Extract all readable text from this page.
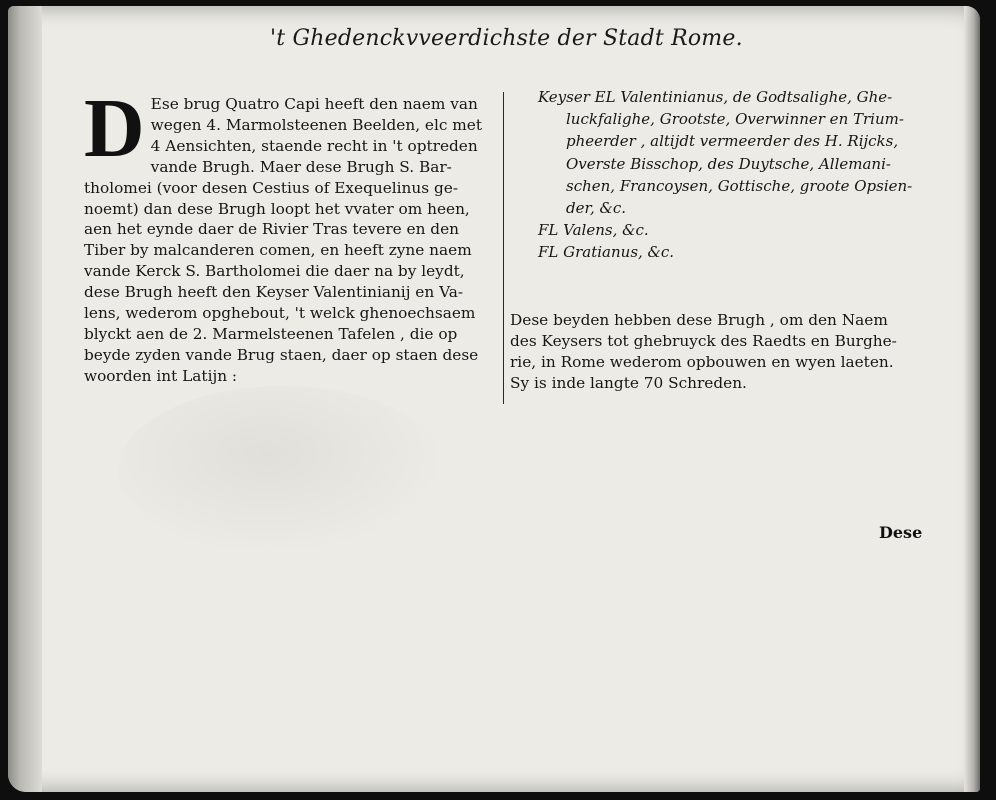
't Ghedenckvveerdichste der Stadt Rome.
D Ese brug Quatro Capi heeft den naem van
wegen 4. Marmolsteenen Beelden, elc met
4 Aensichten, staende recht in 't optreden
vande Brugh. Maer dese Brugh S. Bar-
tholomei (voor desen Cestius of Exequelinus ge-
noemt) dan dese Brugh loopt het vvater om heen,
aen het eynde daer de Rivier Tras tevere en den
Tiber by malcanderen comen, en heeft zyne naem
vande Kerck S. Bartholomei die daer na by leydt,
dese Brugh heeft den Keyser Valentinianij en Va-
lens, wederom opghebout, 't welck ghenoechsaem
blyckt aen de 2. Marmelsteenen Tafelen , die op
beyde zyden vande Brug staen, daer op staen dese
woorden int Latijn :
Keyser EL Valentinianus, de Godtsalighe, Ghe-
luckfalighe, Grootste, Overwinner en Trium-
pheerder , altijdt vermeerder des H. Rijcks,
Overste Bisschop, des Duytsche, Allemani-
schen, Francoysen, Gottische, groote Opsien-
der, &c.
FL Valens, &c.
FL Gratianus, &c.
Dese beyden hebben dese Brugh , om den Naem
des Keysers tot ghebruyck des Raedts en Burghe-
rie, in Rome wederom opbouwen en wyen laeten.
Sy is inde langte 70 Schreden.
Dese
